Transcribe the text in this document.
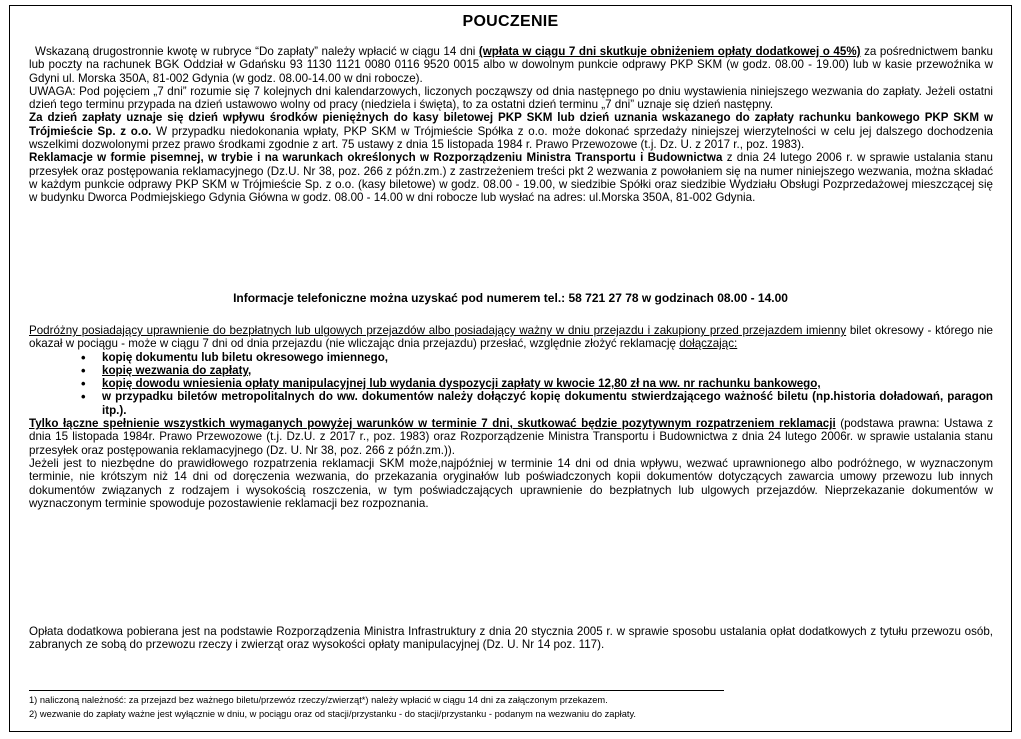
POUCZENIE
Wskazaną drugostronnie kwotę w rubryce “Do zapłaty” należy wpłacić w ciągu 14 dni (wpłata w ciągu 7 dni skutkuje obniżeniem opłaty dodatkowej o 45%) za pośrednictwem banku lub poczty na rachunek BGK Oddział w Gdańsku 93 1130 1121 0080 0116 9520 0015 albo w dowolnym punkcie odprawy PKP SKM (w godz. 08.00 - 19.00) lub w kasie przewoźnika w Gdyni ul. Morska 350A, 81-002 Gdynia (w godz. 08.00-14.00 w dni robocze).
UWAGA: Pod pojęciem „7 dni” rozumie się 7 kolejnych dni kalendarzowych, liczonych począwszy od dnia następnego po dniu wystawienia niniejszego wezwania do zapłaty. Jeżeli ostatni dzień tego terminu przypada na dzień ustawowo wolny od pracy (niedziela i święta), to za ostatni dzień terminu „7 dni” uznaje się dzień następny.
Za dzień zapłaty uznaje się dzień wpływu środków pieniężnych do kasy biletowej PKP SKM lub dzień uznania wskazanego do zapłaty rachunku bankowego PKP SKM w Trójmieście Sp. z o.o. W przypadku niedokonania wpłaty, PKP SKM w Trójmieście Spółka z o.o. może dokonać sprzedaży niniejszej wierzytelności w celu jej dalszego dochodzenia wszelkimi dozwolonymi przez prawo środkami zgodnie z art. 75 ustawy z dnia 15 listopada 1984 r. Prawo Przewozowe (t.j. Dz. U. z 2017 r., poz. 1983).
Reklamacje w formie pisemnej, w trybie i na warunkach określonych w Rozporządzeniu Ministra Transportu i Budownictwa z dnia 24 lutego 2006 r. w sprawie ustalania stanu przesyłek oraz postępowania reklamacyjnego (Dz.U. Nr 38, poz. 266 z późn.zm.) z zastrzeżeniem treści pkt 2 wezwania z powołaniem się na numer niniejszego wezwania, można składać w każdym punkcie odprawy PKP SKM w Trójmieście Sp. z o.o. (kasy biletowe) w godz. 08.00 - 19.00, w siedzibie Spółki oraz siedzibie Wydziału Obsługi Pozprzedażowej mieszczącej się w budynku Dworca Podmiejskiego Gdynia Główna w godz. 08.00 - 14.00 w dni robocze lub wysłać na adres: ul.Morska 350A, 81-002 Gdynia.
Informacje telefoniczne można uzyskać pod numerem tel.: 58 721 27 78 w godzinach 08.00 - 14.00
Podróżny posiadający uprawnienie do bezpłatnych lub ulgowych przejazdów albo posiadający ważny w dniu przejazdu i zakupiony przed przejazdem imienny bilet okresowy - którego nie okazał w pociągu - może w ciągu 7 dni od dnia przejazdu (nie wliczając dnia przejazdu) przesłać, względnie złożyć reklamację dołączając:
• kopię dokumentu lub biletu okresowego imiennego,
• kopię wezwania do zapłaty,
• kopię dowodu wniesienia opłaty manipulacyjnej lub wydania dyspozycji zapłaty w kwocie 12,80 zł na ww. nr rachunku bankowego,
• w przypadku biletów metropolitalnych do ww. dokumentów należy dołączyć kopię dokumentu stwierdzającego ważność biletu (np.historia doładowań, paragon itp.).
Tylko łączne spełnienie wszystkich wymaganych powyżej warunków w terminie 7 dni, skutkować będzie pozytywnym rozpatrzeniem reklamacji (podstawa prawna: Ustawa z dnia 15 listopada 1984r. Prawo Przewozowe (t.j. Dz.U. z 2017 r., poz. 1983) oraz Rozporządzenie Ministra Transportu i Budownictwa z dnia 24 lutego 2006r. w sprawie ustalania stanu przesyłek oraz postępowania reklamacyjnego (Dz. U. Nr 38, poz. 266 z późn.zm.)).
Jeżeli jest to niezbędne do prawidłowego rozpatrzenia reklamacji SKM może,najpóźniej w terminie 14 dni od dnia wpływu, wezwać uprawnionego albo podróżnego, w wyznaczonym terminie, nie krótszym niż 14 dni od doręczenia wezwania, do przekazania oryginałów lub poświadczonych kopii dokumentów dotyczących zawarcia umowy przewozu lub innych dokumentów związanych z rodzajem i wysokością roszczenia, w tym poświadczających uprawnienie do bezpłatnych lub ulgowych przejazdów. Nieprzekazanie dokumentów w wyznaczonym terminie spowoduje pozostawienie reklamacji bez rozpoznania.
Opłata dodatkowa pobierana jest na podstawie Rozporządzenia Ministra Infrastruktury z dnia 20 stycznia 2005 r. w sprawie sposobu ustalania opłat dodatkowych z tytułu przewozu osób, zabranych ze sobą do przewozu rzeczy i zwierząt oraz wysokości opłaty manipulacyjnej (Dz. U. Nr 14 poz. 117).
1) naliczoną należność: za przejazd bez ważnego biletu/przewóz rzeczy/zwierząt*) należy wpłacić w ciągu 14 dni za załączonym przekazem.
2) wezwanie do zapłaty ważne jest wyłącznie w dniu, w pociągu oraz od stacji/przystanku - do stacji/przystanku - podanym na wezwaniu do zapłaty.
